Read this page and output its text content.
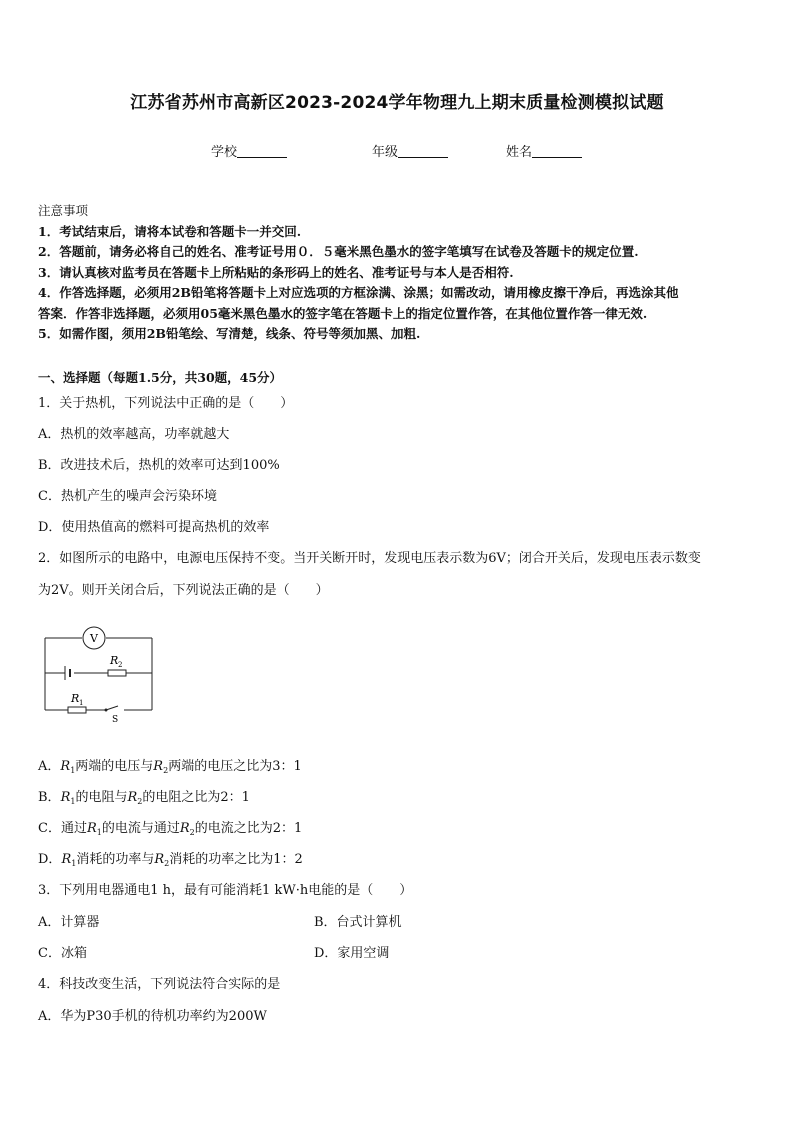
江苏省苏州市高新区2023-2024学年物理九上期末质量检测模拟试题
学校	年级	姓名

注意事项

1．考试结束后，请将本试卷和答题卡一并交回.

2．答题前，请务必将自己的姓名、准考证号用０．５毫米黑色墨水的签字笔填写在试卷及答题卡的规定位置.

3．请认真核对监考员在答题卡上所粘贴的条形码上的姓名、准考证号与本人是否相符.

4．作答选择题，必须用2B铅笔将答题卡上对应选项的方框涂满、涂黑；如需改动，请用橡皮擦干净后，再选涂其他

答案．作答非选择题，必须用05毫米黑色墨水的签字笔在答题卡上的指定位置作答，在其他位置作答一律无效.

5．如需作图，须用2B铅笔绘、写清楚，线条、符号等须加黑、加粗.

一、选择题（每题1.5分，共30题，45分）
1．关于热机，下列说法中正确的是（　　）
A．热机的效率越高，功率就越大
B．改进技术后，热机的效率可达到100%
C．热机产生的噪声会污染环境
D．使用热值高的燃料可提高热机的效率
2．如图所示的电路中，电源电压保持不变。当开关断开时，发现电压表示数为6V；闭合开关后，发现电压表示数变
为2V。则开关闭合后，下列说法正确的是（　　）
V
R 2
R 1
S
A．$R_1$两端的电压与$R_2$两端的电压之比为3：1
B．$R_1$的电阻与$R_2$的电阻之比为2：1
C．通过$R_1$的电流与通过$R_2$的电流之比为2：1
D．$R_1$消耗的功率与$R_2$消耗的功率之比为1：2
3．下列用电器通电1 h，最有可能消耗1 kW·h电能的是（　　）
A．计算器	B．台式计算机
C．冰箱	D．家用空调
4．科技改变生活，下列说法符合实际的是
A．华为P30手机的待机功率约为200W
